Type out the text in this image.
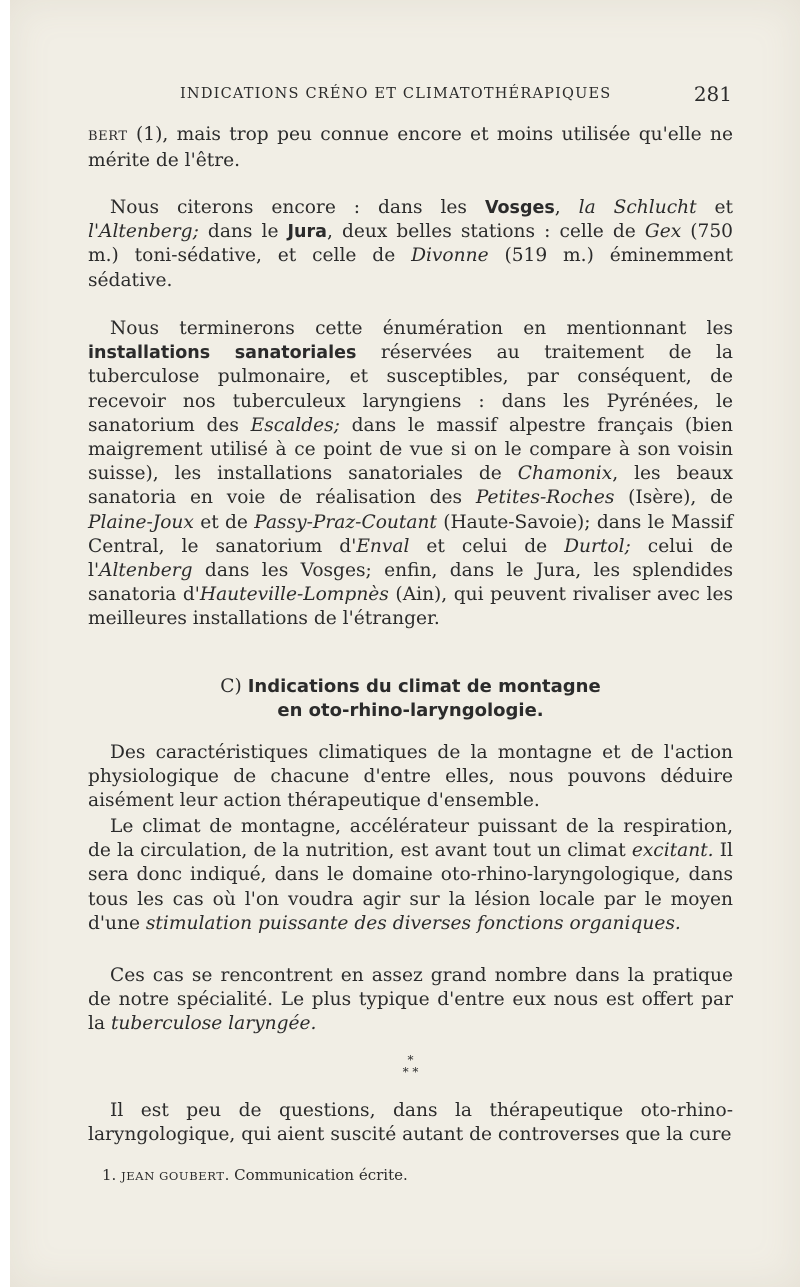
INDICATIONS CRÉNO ET CLIMATOTHÉRAPIQUES	281

BERT (1), mais trop peu connue encore et moins utilisée qu'elle ne mérite de l'être.

Nous citerons encore : dans les Vosges, la Schlucht et l'Altenberg; dans le Jura, deux belles stations : celle de Gex (750 m.) toni-sédative, et celle de Divonne (519 m.) éminemment sédative.

Nous terminerons cette énumération en mentionnant les installations sanatoriales réservées au traitement de la tuberculose pulmonaire, et susceptibles, par conséquent, de recevoir nos tuberculeux laryngiens : dans les Pyrénées, le sanatorium des Escaldes; dans le massif alpestre français (bien maigrement utilisé à ce point de vue si on le compare à son voisin suisse), les installations sanatoriales de Chamonix, les beaux sanatoria en voie de réalisation des Petites-Roches (Isère), de Plaine-Joux et de Passy-Praz-Coutant (Haute-Savoie); dans le Massif Central, le sanatorium d'Enval et celui de Durtol; celui de l'Altenberg dans les Vosges; enfin, dans le Jura, les splendides sanatoria d'Hauteville-Lompnès (Ain), qui peuvent rivaliser avec les meilleures installations de l'étranger.

C) Indications du climat de montagne
en oto-rhino-laryngologie.

Des caractéristiques climatiques de la montagne et de l'action physiologique de chacune d'entre elles, nous pouvons déduire aisément leur action thérapeutique d'ensemble.

Le climat de montagne, accélérateur puissant de la respiration, de la circulation, de la nutrition, est avant tout un climat excitant. Il sera donc indiqué, dans le domaine oto-rhino-laryngologique, dans tous les cas où l'on voudra agir sur la lésion locale par le moyen d'une stimulation puissante des diverses fonctions organiques.

Ces cas se rencontrent en assez grand nombre dans la pratique de notre spécialité. Le plus typique d'entre eux nous est offert par la tuberculose laryngée.

*
* *

Il est peu de questions, dans la thérapeutique oto-rhino-laryngologique, qui aient suscité autant de controverses que la cure

1. JEAN GOUBERT. Communication écrite.
